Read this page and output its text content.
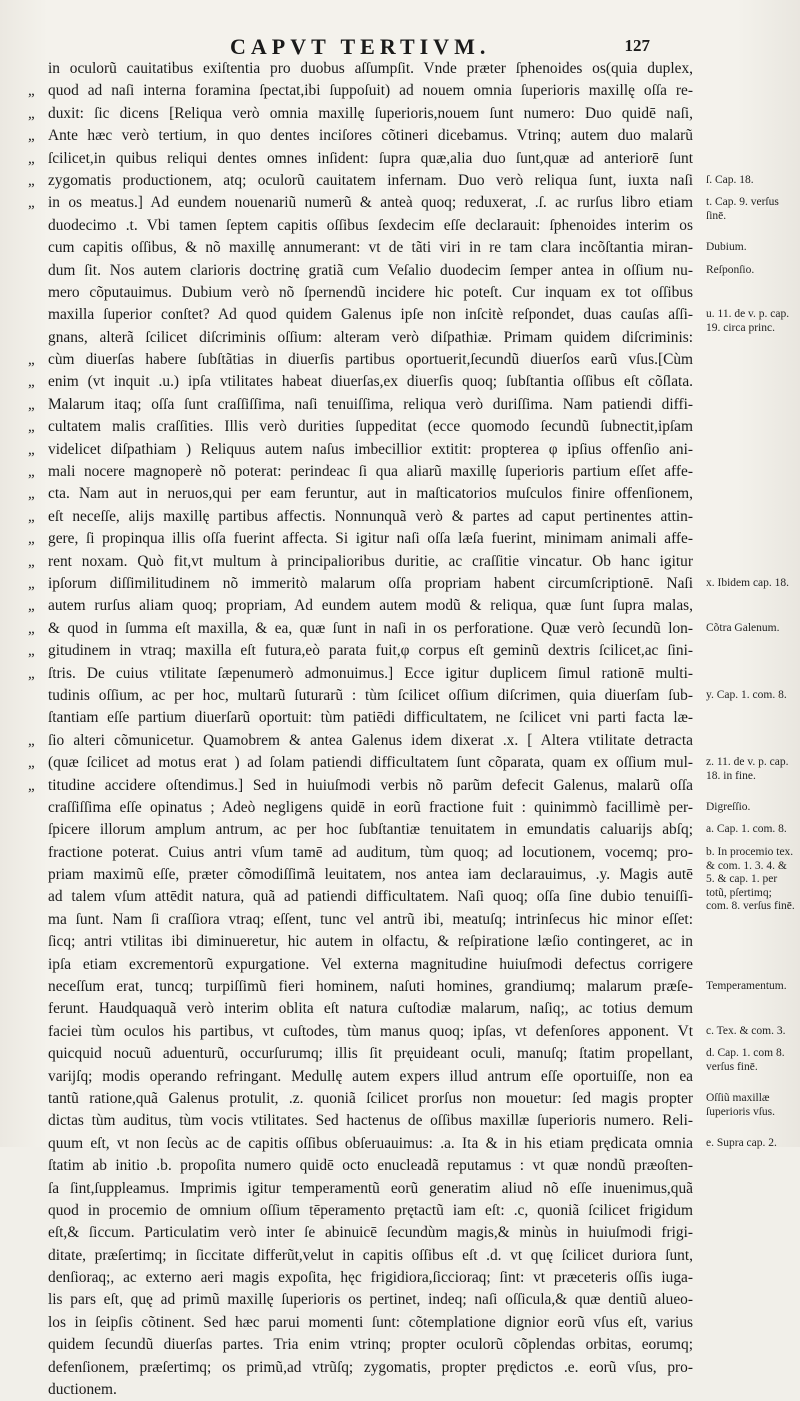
CAPVT TERTIVM.	127
in oculorũ cauitatibus exiſtentia pro duobus aſſumpſit. Vnde præter ſphenoides os(quia duplex,
„ quod ad naſi interna foramina ſpectat,ibi ſuppoſuit) ad nouem omnia ſuperioris maxillę oſſa re-
„ duxit: ſic dicens [Reliqua verò omnia maxillę ſuperioris,nouem ſunt numero: Duo quidē naſi,
„ Ante hæc verò tertium, in quo dentes inciſores cõtineri dicebamus. Vtrinq; autem duo malarũ
„ ſcilicet,in quibus reliqui dentes omnes inſident: ſupra quæ,alia duo ſunt,quæ ad anteriorē ſunt
„ zygomatis productionem, atq; oculorũ cauitatem infernam. Duo verò reliqua ſunt, iuxta naſi
„ in os meatus.] Ad eundem nouenariũ numerũ & anteà quoq; reduxerat, .ſ. ac rurſus libro etiam
duodecimo .t. Vbi tamen ſeptem capitis oſſibus ſexdecim eſſe declarauit: ſphenoides interim os
cum capitis oſſibus, & nõ maxillę annumerant: vt de tãti viri in re tam clara incõſtantia miran-
dum ſit. Nos autem clarioris doctrinę gratiã cum Veſalio duodecim ſemper antea in oſſium nu-
mero cõputauimus. Dubium verò nõ ſpernendũ incidere hic poteſt. Cur inquam ex tot oſſibus
maxilla ſuperior conſtet? Ad quod quidem Galenus ipſe non inſcitè reſpondet, duas cauſas aſſi-
gnans, alterã ſcilicet diſcriminis oſſium: alteram verò diſpathiæ. Primam quidem diſcriminis:
„ cùm diuerſas habere ſubſtãtias in diuerſis partibus oportuerit,ſecundũ diuerſos earũ vſus.[Cùm
„ enim (vt inquit .u.) ipſa vtilitates habeat diuerſas,ex diuerſis quoq; ſubſtantia oſſibus eſt cõſlata.
„ Malarum itaq; oſſa ſunt craſſiſſima, naſi tenuiſſima, reliqua verò duriſſima. Nam patiendi diffi-
„ cultatem malis craſſities. Illis verò durities ſuppeditat (ecce quomodo ſecundũ ſubnectit,ipſam
„ videlicet diſpathiam ) Reliquus autem naſus imbecillior extitit: propterea φ ipſius offenſio ani-
„ mali nocere magnoperè nõ poterat: perindeac ſi qua aliarũ maxillę ſuperioris partium eſſet affe-
„ cta. Nam aut in neruos,qui per eam feruntur, aut in maſticatorios muſculos finire offenſionem,
„ eſt neceſſe, alijs maxillę partibus affectis. Nonnunquã verò & partes ad caput pertinentes attin-
„ gere, ſi propinqua illis oſſa fuerint affecta. Si igitur naſi oſſa læſa fuerint, minimam animali affe-
„ rent noxam. Quò fit,vt multum à principalioribus duritie, ac craſſitie vincatur. Ob hanc igitur
„ ipſorum diſſimilitudinem nõ immeritò malarum oſſa propriam habent circumſcriptionē. Naſi
„ autem rurſus aliam quoq; propriam, Ad eundem autem modũ & reliqua, quæ ſunt ſupra malas,
„ & quod in ſumma eſt maxilla, & ea, quæ ſunt in naſi in os perforatione. Quæ verò ſecundũ lon-
„ gitudinem in vtraq; maxilla eſt futura,eò parata fuit,φ corpus eſt geminũ dextris ſcilicet,ac ſini-
„ ſtris. De cuius vtilitate ſæpenumerò admonuimus.] Ecce igitur duplicem ſimul rationē multi-
tudinis oſſium, ac per hoc, multarũ ſuturarũ : tùm ſcilicet oſſium diſcrimen, quia diuerſam ſub-
ſtantiam eſſe partium diuerſarũ oportuit: tùm patiēdi difficultatem, ne ſcilicet vni parti facta læ-
„ ſio alteri cõmunicetur. Quamobrem & antea Galenus idem dixerat .x. [ Altera vtilitate detracta
„ (quæ ſcilicet ad motus erat ) ad ſolam patiendi difficultatem ſunt cõparata, quam ex oſſium mul-
„ titudine accidere oſtendimus.] Sed in huiuſmodi verbis nõ parũm defecit Galenus, malarũ oſſa
craſſiſſima eſſe opinatus ; Adeò negligens quidē in eorũ fractione fuit : quinimmò facillimè per-
ſpicere illorum amplum antrum, ac per hoc ſubſtantiæ tenuitatem in emundatis caluarijs abſq;
fractione poterat. Cuius antri vſum tamē ad auditum, tùm quoq; ad locutionem, vocemq; pro-
priam maximũ eſſe, præter cõmodiſſimã leuitatem, nos antea iam declarauimus, .y. Magis autē
ad talem vſum attēdit natura, quã ad patiendi difficultatem. Naſi quoq; oſſa ſine dubio tenuiſſi-
ma ſunt. Nam ſi craſſiora vtraq; eſſent, tunc vel antrũ ibi, meatuſq; intrinſecus hic minor eſſet:
ſicq; antri vtilitas ibi diminueretur, hic autem in olfactu, & reſpiratione læſio contingeret, ac in
ipſa etiam excrementorũ expurgatione. Vel externa magnitudine huiuſmodi defectus corrigere
neceſſum erat, tuncq; turpiſſimũ fieri hominem, naſuti homines, grandiumq; malarum præſe-
ferunt. Haudquaquã verò interim oblita eſt natura cuſtodiæ malarum, naſiq;, ac totius demum
faciei tùm oculos his partibus, vt cuſtodes, tùm manus quoq; ipſas, vt defenſores apponent. Vt
quicquid nocuũ aduenturũ, occurſurumq; illis ſit pręuideant oculi, manuſq; ſtatim propellant,
varijſq; modis operando refringant. Medullę autem expers illud antrum eſſe oportuiſſe, non ea
tantũ ratione,quã Galenus protulit, .z. quoniã ſcilicet prorſus non mouetur: ſed magis propter
dictas tùm auditus, tùm vocis vtilitates. Sed hactenus de oſſibus maxillæ ſuperioris numero. Reli-
quum eſt, vt non ſecùs ac de capitis oſſibus obſeruauimus: .a. Ita & in his etiam prędicata omnia
ſtatim ab initio .b. propoſita numero quidē octo enucleadã reputamus : vt quæ nondũ præoſten-
ſa ſint,ſuppleamus. Imprimis igitur temperamentũ eorũ generatim aliud nõ eſſe inuenimus,quã
quod in procemio de omnium oſſium tēperamento prętactũ iam eſt: .c, quoniã ſcilicet frigidum
eſt,& ſiccum. Particulatim verò inter ſe abinuicē ſecundùm magis,& minùs in huiuſmodi frigi-
ditate, præſertimq; in ſiccitate differũt,velut in capitis oſſibus eſt .d. vt quę ſcilicet duriora ſunt,
denſioraq;, ac externo aeri magis expoſita, hęc frigidiora,ſicciorаq; ſint: vt præceteris oſſis iuga-
lis pars eſt, quę ad primũ maxillę ſuperioris os pertinet, indeq; naſi oſſicula,& quæ dentiũ alueo-
los in ſeipſis cõtinent. Sed hæc parui momenti ſunt: cõtemplatione dignior eorũ vſus eſt, varius
quidem ſecundũ diuerſas partes. Tria enim vtrinq; propter oculorũ cõplendas orbitas, eorumq;
defenſionem, præſertimq; os primũ,ad vtrũſq; zygomatis, propter prędictos .e. eorũ vſus, pro-
ductionem.
ſ. Cap. 18.
t. Cap. 9. verſus ſinē.
Dubium.
Reſponſio.
u. 11. de v. p. cap. 19. circa princ.
x. Ibidem cap. 18.
Cõtra Galenum.
y. Cap. 1. com. 8.
z. 11. de v. p. cap. 18. in fine.
Digreſſio.
a. Cap. 1. com. 8.
b. In procemio tex. & com. 1. 3. 4. & 5. & cap. 1. per totũ, pſertimq; com. 8. verſus finē.
Temperamentum.
c. Tex. & com. 3.
d. Cap. 1. com 8. verſus finē.
Oſſiũ maxillæ ſuperioris vſus.
e. Supra cap. 2.
